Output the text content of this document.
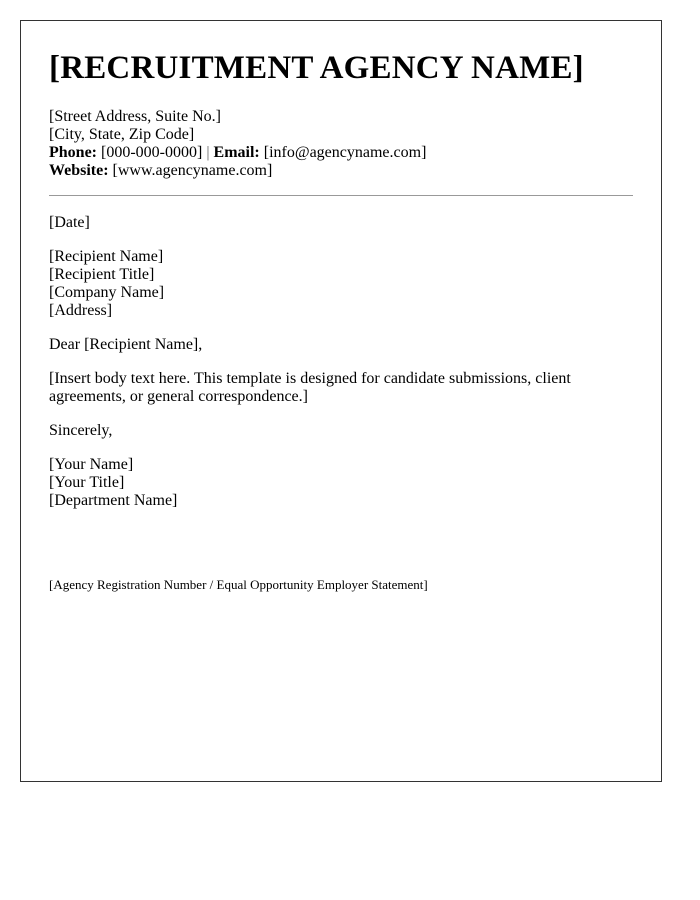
[RECRUITMENT AGENCY NAME]
[Street Address, Suite No.]
[City, State, Zip Code]
Phone: [000-000-0000] | Email: [info@agencyname.com]
Website: [www.agencyname.com]
[Date]
[Recipient Name]
[Recipient Title]
[Company Name]
[Address]
Dear [Recipient Name],
[Insert body text here. This template is designed for candidate submissions, client agreements, or general correspondence.]
Sincerely,
[Your Name]
[Your Title]
[Department Name]
[Agency Registration Number / Equal Opportunity Employer Statement]
